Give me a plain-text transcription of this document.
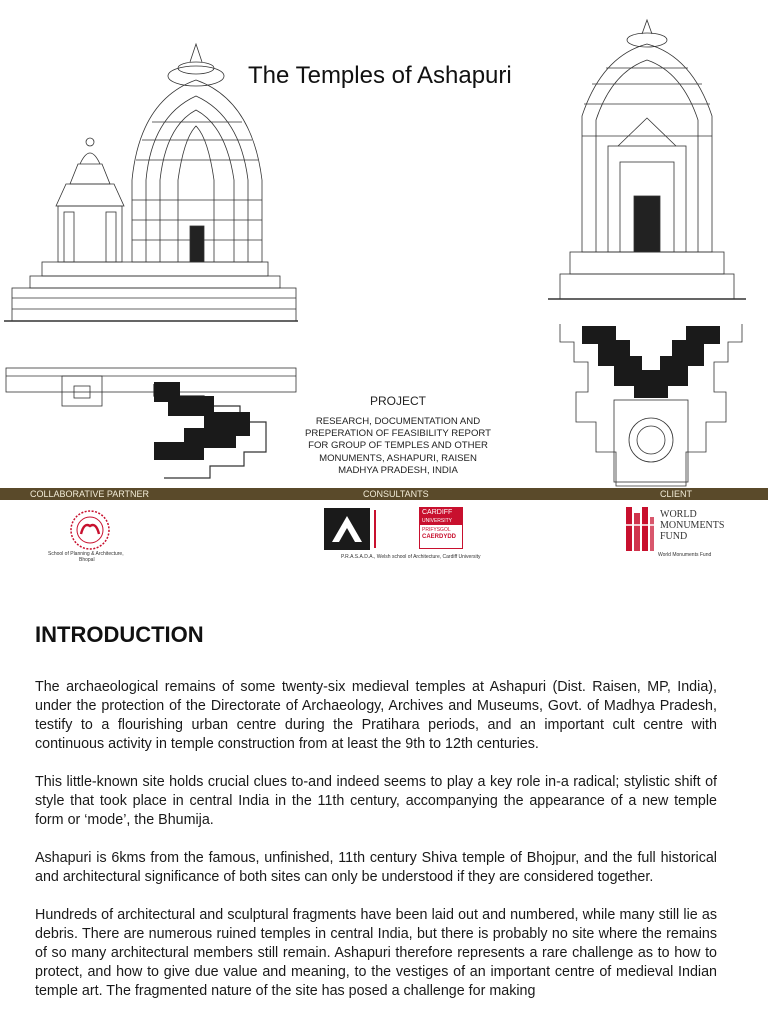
The Temples of Ashapuri
PROJECT
RESEARCH, DOCUMENTATION AND
PREPERATION OF FEASIBILITY REPORT
FOR GROUP OF TEMPLES AND OTHER
MONUMENTS, ASHAPURI, RAISEN
MADHYA PRADESH, INDIA
COLLABORATIVE PARTNER	CONSULTANTS	CLIENT
School of Planning & Architecture,
Bhopal
CARDIFF
UNIVERSITY
PRIFYSGOL
CAERDYDD
P.R.A.S.A.D.A., Welsh school of Architecture, Cardiff University
WORLD
MONUMENTS
FUND
World Monuments Fund
INTRODUCTION

The archaeological remains of some twenty-six medieval temples at Ashapuri (Dist. Raisen, MP, India), under the protection of the Directorate of Archaeology, Archives and Museums, Govt. of Madhya Pradesh, testify to a flourishing urban centre during the Pratihara periods, and an important cult centre with continuous activity in temple construction from at least the 9th to 12th centuries.

This little-known site holds crucial clues to-and indeed seems to play a key role in-a radical; stylistic shift of style that took place in central India in the 11th century, accompanying the appearance of a new temple form or ‘mode’, the Bhumija.

Ashapuri is 6kms from the famous, unfinished, 11th century Shiva temple of Bhojpur, and the full historical and architectural significance of both sites can only be understood if they are considered together.

Hundreds of architectural and sculptural fragments have been laid out and numbered, while many still lie as debris. There are numerous ruined temples in central India, but there is probably no site where the remains of so many architectural members still remain. Ashapuri therefore represents a rare challenge as to how to protect, and how to give due value and meaning, to the vestiges of an important centre of medieval Indian temple art. The fragmented nature of the site has posed a challenge for making
